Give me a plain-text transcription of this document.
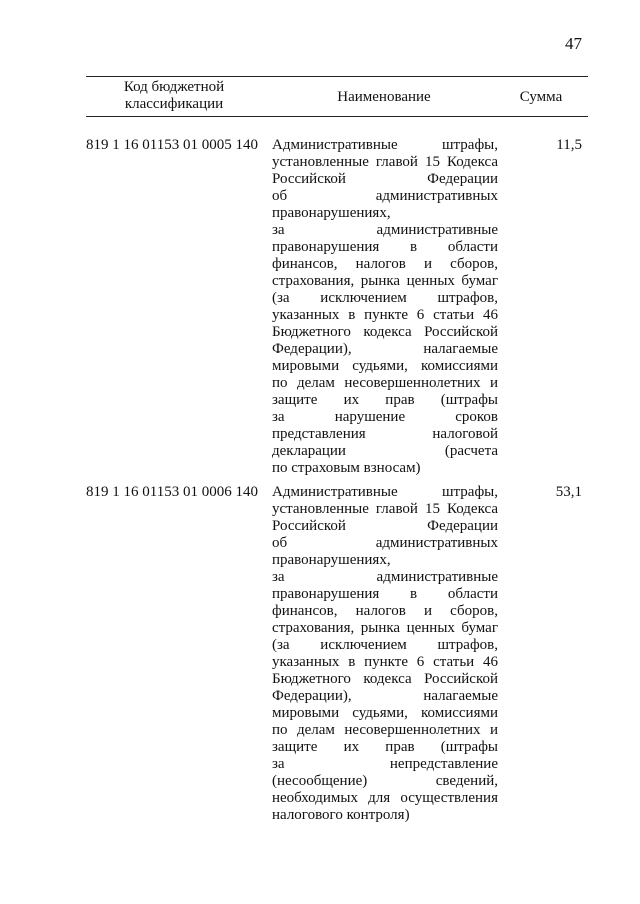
47
Код бюджетной классификации	Наименование	Сумма
819 1 16 01153 01 0005 140 Административные штрафы,
установленные главой 15 Кодекса
Российской Федерации
об административных
правонарушениях,
за административные
правонарушения в области
финансов, налогов и сборов,
страхования, рынка ценных бумаг
(за исключением штрафов,
указанных в пункте 6 статьи 46
Бюджетного кодекса Российской
Федерации), налагаемые
мировыми судьями, комиссиями
по делам несовершеннолетних и
защите их прав (штрафы
за нарушение сроков
представления налоговой
декларации (расчета
по страховым взносам)
11,5
819 1 16 01153 01 0006 140 Административные штрафы,
установленные главой 15 Кодекса
Российской Федерации
об административных
правонарушениях,
за административные
правонарушения в области
финансов, налогов и сборов,
страхования, рынка ценных бумаг
(за исключением штрафов,
указанных в пункте 6 статьи 46
Бюджетного кодекса Российской
Федерации), налагаемые
мировыми судьями, комиссиями
по делам несовершеннолетних и
защите их прав (штрафы
за непредставление
(несообщение) сведений,
необходимых для осуществления
налогового контроля)
53,1
